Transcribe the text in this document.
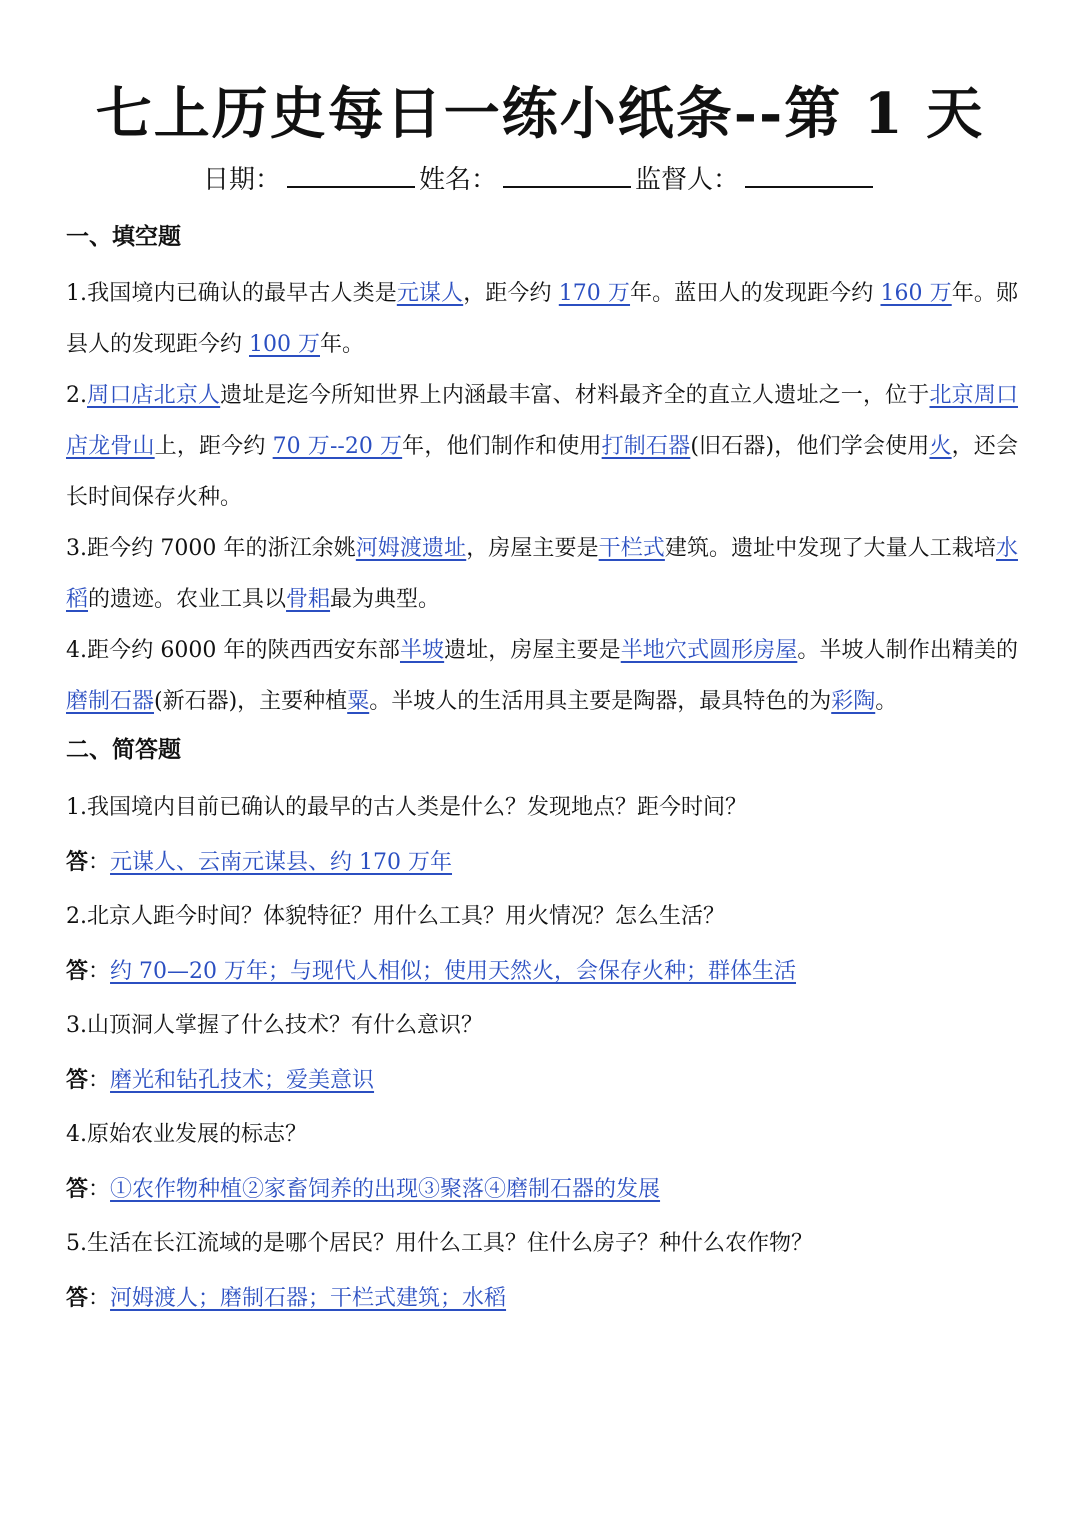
七上历史每日一练小纸条--第 1 天
日期：	姓名：	监督人：
一、填空题

1.我国境内已确认的最早古人类是元谋人，距今约 170 万年。蓝田人的发现距今约 160 万年。郧县人的发现距今约 100 万年。

2.周口店北京人遗址是迄今所知世界上内涵最丰富、材料最齐全的直立人遗址之一，位于北京周口店龙骨山上，距今约 70 万--20 万年，他们制作和使用打制石器(旧石器)，他们学会使用火，还会长时间保存火种。

3.距今约 7000 年的浙江余姚河姆渡遗址，房屋主要是干栏式建筑。遗址中发现了大量人工栽培水稻的遗迹。农业工具以骨耜最为典型。

4.距今约 6000 年的陕西西安东部半坡遗址，房屋主要是半地穴式圆形房屋。半坡人制作出精美的磨制石器(新石器)，主要种植粟。半坡人的生活用具主要是陶器，最具特色的为彩陶。

二、简答题

1.我国境内目前已确认的最早的古人类是什么？发现地点？距今时间？

答：元谋人、云南元谋县、约 170 万年

2.北京人距今时间？体貌特征？用什么工具？用火情况？怎么生活？

答：约 70—20 万年；与现代人相似；使用天然火，会保存火种；群体生活

3.山顶洞人掌握了什么技术？有什么意识？

答：磨光和钻孔技术；爱美意识

4.原始农业发展的标志？

答：①农作物种植②家畜饲养的出现③聚落④磨制石器的发展

5.生活在长江流域的是哪个居民？用什么工具？住什么房子？种什么农作物？

答：河姆渡人；磨制石器；干栏式建筑；水稻
